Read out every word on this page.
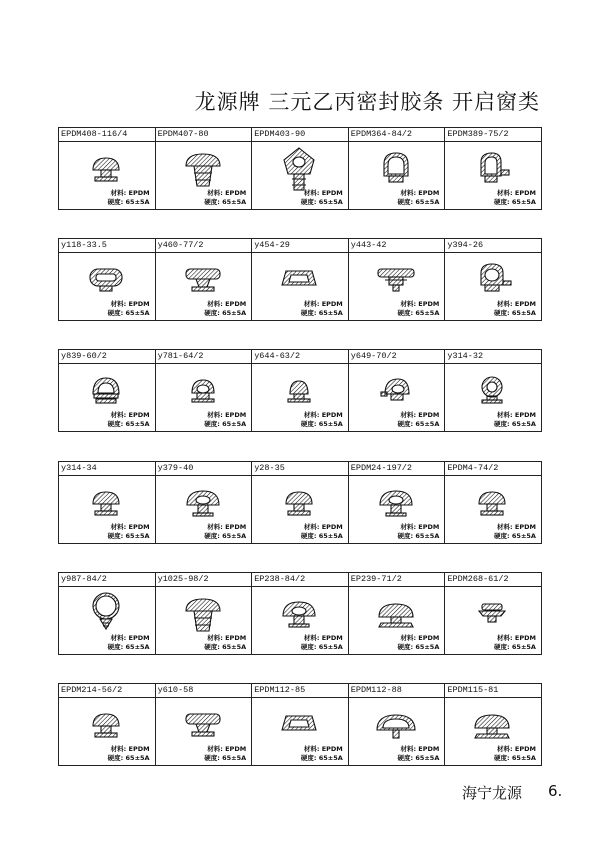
龙源牌 三元乙丙密封胶条 开启窗类
EPDM408-116/4
材料: EPDM
硬度: 65±5A
EPDM407-80
材料: EPDM
硬度: 65±5A
EPDM403-90
材料: EPDM
硬度: 65±5A
EPDM364-84/2
材料: EPDM
硬度: 65±5A
EPDM389-75/2
材料: EPDM
硬度: 65±5A
y118-33.5
材料: EPDM
硬度: 65±5A
y460-77/2
材料: EPDM
硬度: 65±5A
y454-29
材料: EPDM
硬度: 65±5A
y443-42
材料: EPDM
硬度: 65±5A
y394-26
材料: EPDM
硬度: 65±5A
y839-60/2
材料: EPDM
硬度: 65±5A
y781-64/2
材料: EPDM
硬度: 65±5A
y644-63/2
材料: EPDM
硬度: 65±5A
y649-70/2
材料: EPDM
硬度: 65±5A
y314-32
材料: EPDM
硬度: 65±5A
y314-34
材料: EPDM
硬度: 65±5A
y379-40
材料: EPDM
硬度: 65±5A
y28-35
材料: EPDM
硬度: 65±5A
EPDM24-197/2
材料: EPDM
硬度: 65±5A
EPDM4-74/2
材料: EPDM
硬度: 65±5A
y987-84/2
材料: EPDM
硬度: 65±5A
y1025-98/2
材料: EPDM
硬度: 65±5A
EP238-84/2
材料: EPDM
硬度: 65±5A
EP239-71/2
材料: EPDM
硬度: 65±5A
EPDM268-61/2
材料: EPDM
硬度: 65±5A
EPDM214-56/2
材料: EPDM
硬度: 65±5A
y610-58
材料: EPDM
硬度: 65±5A
EPDM112-85
材料: EPDM
硬度: 65±5A
EPDM112-88
材料: EPDM
硬度: 65±5A
EPDM115-81
材料: EPDM
硬度: 65±5A
海宁龙源 6.
